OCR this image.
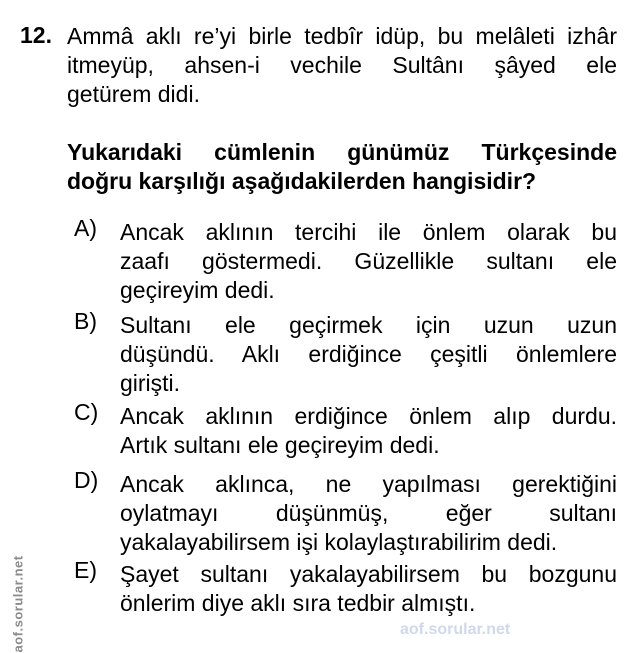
12. Ammâ aklı re’yi birle tedbîr idüp, bu melâleti izhâr
itmeyüp, ahsen-i vechile Sultânı şâyed ele
getürem didi.
Yukarıdaki cümlenin günümüz Türkçesinde
doğru karşılığı aşağıdakilerden hangisidir?
A) Ancak aklının tercihi ile önlem olarak bu
zaafı göstermedi. Güzellikle sultanı ele
geçireyim dedi.
B) Sultanı ele geçirmek için uzun uzun
düşündü. Aklı erdiğince çeşitli önlemlere
girişti.
C) Ancak aklının erdiğince önlem alıp durdu.
Artık sultanı ele geçireyim dedi.
D) Ancak aklınca, ne yapılması gerektiğini
oylatmayı düşünmüş, eğer sultanı
yakalayabilirsem işi kolaylaştırabilirim dedi.
E) Şayet sultanı yakalayabilirsem bu bozgunu
önlerim diye aklı sıra tedbir almıştı.
aof.sorular.net	aof.sorular.net
